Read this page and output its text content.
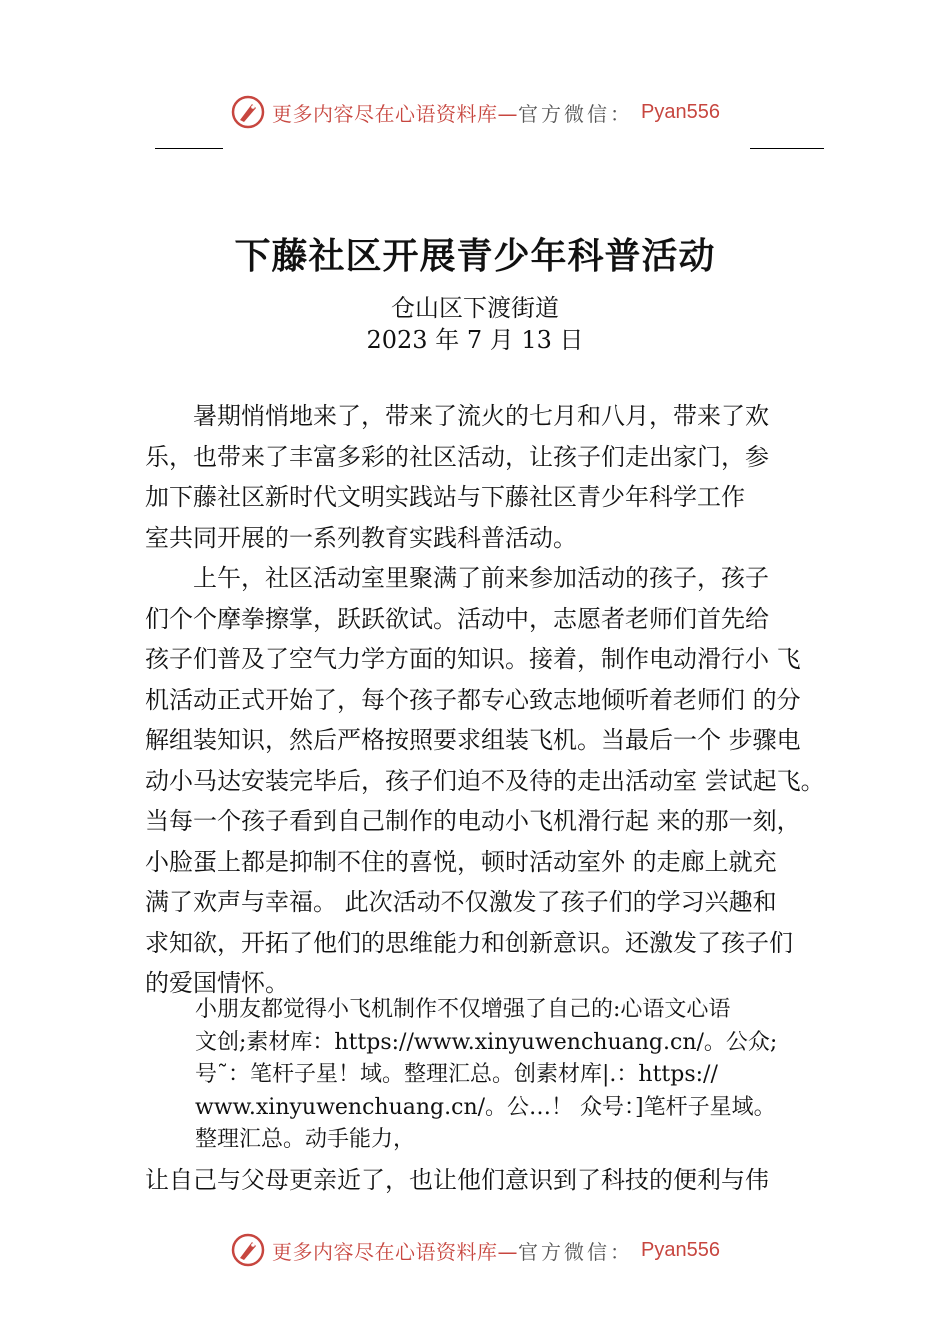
更多内容尽在心语资料库— 官方微信： Pyan556
下藤社区开展青少年科普活动
仓山区下渡街道
2023 年 7 月 13 日

　　暑期悄悄地来了，带来了流火的七月和八月，带来了欢
乐，也带来了丰富多彩的社区活动，让孩子们走出家门，参
加下藤社区新时代文明实践站与下藤社区青少年科学工作
室共同开展的一系列教育实践科普活动。

　　上午，社区活动室里聚满了前来参加活动的孩子，孩子
们个个摩拳擦掌，跃跃欲试。活动中，志愿者老师们首先给
孩子们普及了空气力学方面的知识。接着，制作电动滑行小 飞
机活动正式开始了，每个孩子都专心致志地倾听着老师们 的分
解组装知识，然后严格按照要求组装飞机。当最后一个 步骤电
动小马达安装完毕后，孩子们迫不及待的走出活动室 尝试起飞。
当每一个孩子看到自己制作的电动小飞机滑行起 来的那一刻，
小脸蛋上都是抑制不住的喜悦，顿时活动室外 的走廊上就充
满了欢声与幸福。 此次活动不仅激发了孩子们的学习兴趣和
求知欲，开拓了他们的思维能力和创新意识。还激发了孩子们
的爱国情怀。

小朋友都觉得小飞机制作不仅增强了自己的:心语文心语
文创;素材库：https://www.xinyuwenchuang.cn/。公众;
号˜：笔杆子星！域。整理汇总。创素材库|.：https://
www.xinyuwenchuang.cn/。公…！ 众号：]笔杆子星域。
整理汇总。动手能力，

让自己与父母更亲近了，也让他们意识到了科技的便利与伟

更多内容尽在心语资料库— 官方微信： Pyan556
